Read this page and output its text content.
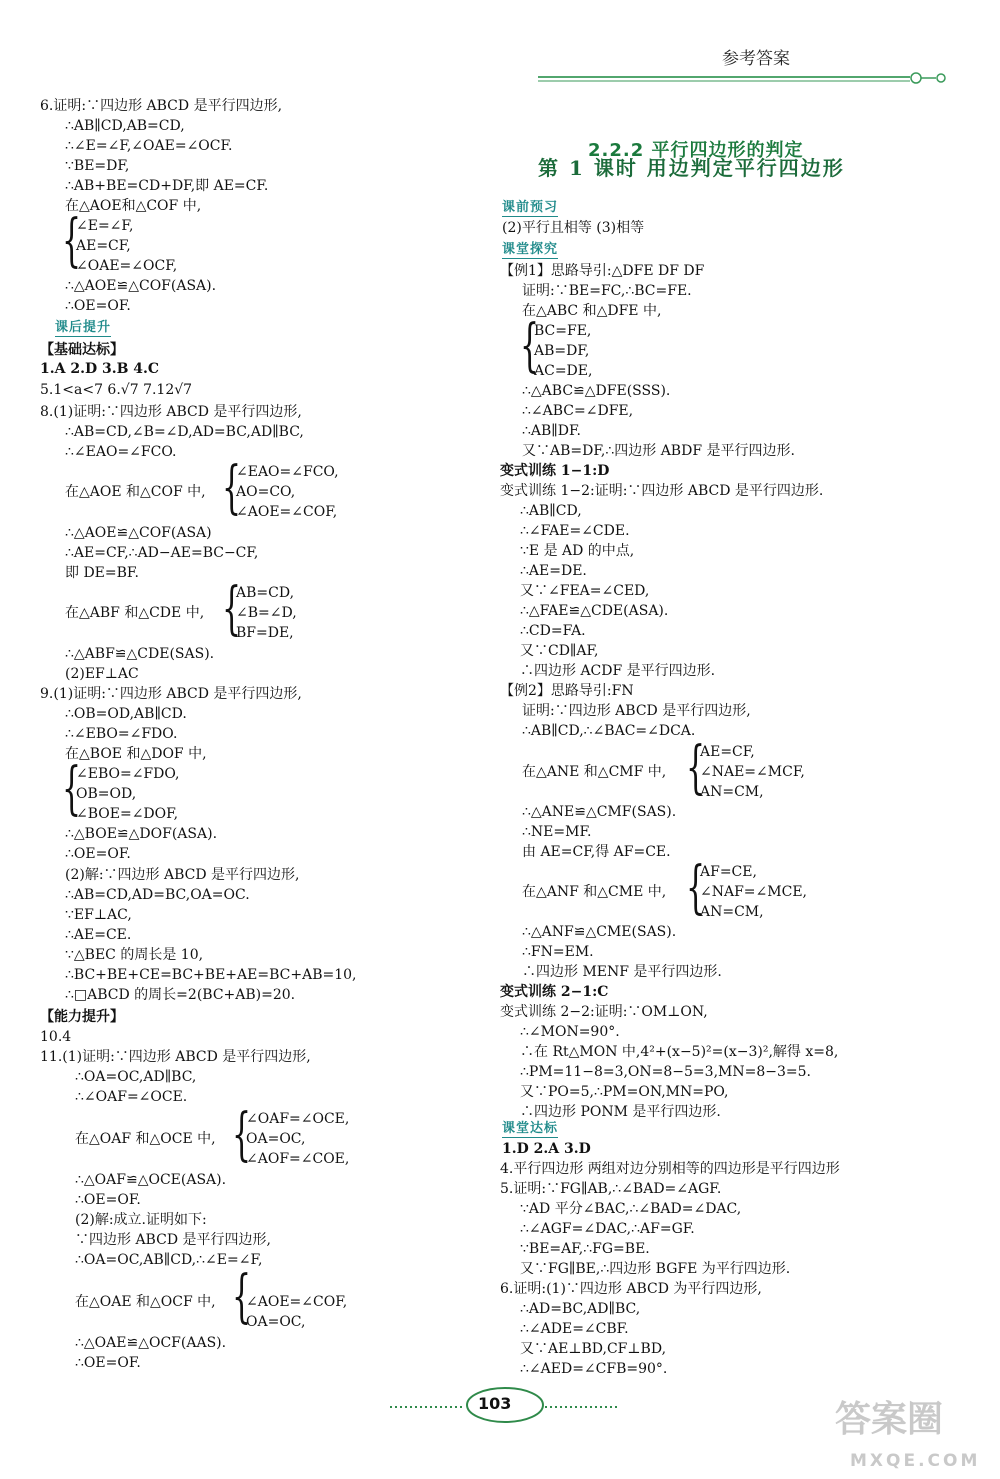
参考答案
6.证明:∵四边形 ABCD 是平行四边形,
∴AB∥CD,AB=CD,
∴∠E=∠F,∠OAE=∠OCF.
∵BE=DF,
∴AB+BE=CD+DF,即 AE=CF.
在△AOE和△COF 中,
{
∠E=∠F,
AE=CF,
∠OAE=∠OCF,
∴△AOE≌△COF(ASA).
∴OE=OF.
课后提升
【基础达标】
1.A 2.D 3.B 4.C
5.1<a<7 6.√7 7.12√7
8.(1)证明:∵四边形 ABCD 是平行四边形,
∴AB=CD,∠B=∠D,AD=BC,AD∥BC,
∴∠EAO=∠FCO.
∠EAO=∠FCO,
在△AOE 和△COF 中, {
AO=CO,
∠AOE=∠COF,
∴△AOE≌△COF(ASA)
∴AE=CF,∴AD−AE=BC−CF,
即 DE=BF.
AB=CD,
在△ABF 和△CDE 中, {
∠B=∠D,
BF=DE,
∴△ABF≌△CDE(SAS).
(2)EF⊥AC
9.(1)证明:∵四边形 ABCD 是平行四边形,
∴OB=OD,AB∥CD.
∴∠EBO=∠FDO.
在△BOE 和△DOF 中,
{
∠EBO=∠FDO,
OB=OD,
∠BOE=∠DOF,
∴△BOE≌△DOF(ASA).
∴OE=OF.
(2)解:∵四边形 ABCD 是平行四边形,
∴AB=CD,AD=BC,OA=OC.
∵EF⊥AC,
∴AE=CE.
∵△BEC 的周长是 10,
∴BC+BE+CE=BC+BE+AE=BC+AB=10,
∴□ABCD 的周长=2(BC+AB)=20.
【能力提升】
10.4
11.(1)证明:∵四边形 ABCD 是平行四边形,
∴OA=OC,AD∥BC,
∴∠OAF=∠OCE.
∠OAF=∠OCE,
在△OAF 和△OCE 中, {
OA=OC,
∠AOF=∠COE,
∴△OAF≌△OCE(ASA).
∴OE=OF.
(2)解:成立.证明如下:
∵四边形 ABCD 是平行四边形,
∴OA=OC,AB∥CD,∴∠E=∠F,
在△OAE 和△OCF 中, {
∠AOE=∠COF,
OA=OC,
∴△OAE≌△OCF(AAS).
∴OE=OF.
2.2.2 平行四边形的判定
第 1 课时 用边判定平行四边形
课前预习
(2)平行且相等 (3)相等
课堂探究
【例1】思路导引:△DFE DF DF
证明:∵BE=FC,∴BC=FE.
在△ABC 和△DFE 中,
{
BC=FE,
AB=DF,
AC=DE,
∴△ABC≌△DFE(SSS).
∴∠ABC=∠DFE,
∴AB∥DF.
又∵AB=DF,∴四边形 ABDF 是平行四边形.
变式训练 1−1:D
变式训练 1−2:证明:∵四边形 ABCD 是平行四边形.
∴AB∥CD,
∴∠FAE=∠CDE.
∵E 是 AD 的中点,
∴AE=DE.
又∵∠FEA=∠CED,
∴△FAE≌△CDE(ASA).
∴CD=FA.
又∵CD∥AF,
∴四边形 ACDF 是平行四边形.
【例2】思路导引:FN
证明:∵四边形 ABCD 是平行四边形,
∴AB∥CD,∴∠BAC=∠DCA.
AE=CF,
在△ANE 和△CMF 中, {
∠NAE=∠MCF,
AN=CM,
∴△ANE≌△CMF(SAS).
∴NE=MF.
由 AE=CF,得 AF=CE.
AF=CE,
在△ANF 和△CME 中, {
∠NAF=∠MCE,
AN=CM,
∴△ANF≌△CME(SAS).
∴FN=EM.
∴四边形 MENF 是平行四边形.
变式训练 2−1:C
变式训练 2−2:证明:∵OM⊥ON,
∴∠MON=90°.
∴在 Rt△MON 中,4²+(x−5)²=(x−3)²,解得 x=8,
∴PM=11−8=3,ON=8−5=3,MN=8−3=5.
又∵PO=5,∴PM=ON,MN=PO,
∴四边形 PONM 是平行四边形.
课堂达标
1.D 2.A 3.D
4.平行四边形 两组对边分别相等的四边形是平行四边形
5.证明:∵FG∥AB,∴∠BAD=∠AGF.
∵AD 平分∠BAC,∴∠BAD=∠DAC,
∴∠AGF=∠DAC,∴AF=GF.
∵BE=AF,∴FG=BE.
又∵FG∥BE,∴四边形 BGFE 为平行四边形.
6.证明:(1)∵四边形 ABCD 为平行四边形,
∴AD=BC,AD∥BC,
∴∠ADE=∠CBF.
又∵AE⊥BD,CF⊥BD,
∴∠AED=∠CFB=90°.
103	答案圈
MXQE.COM
